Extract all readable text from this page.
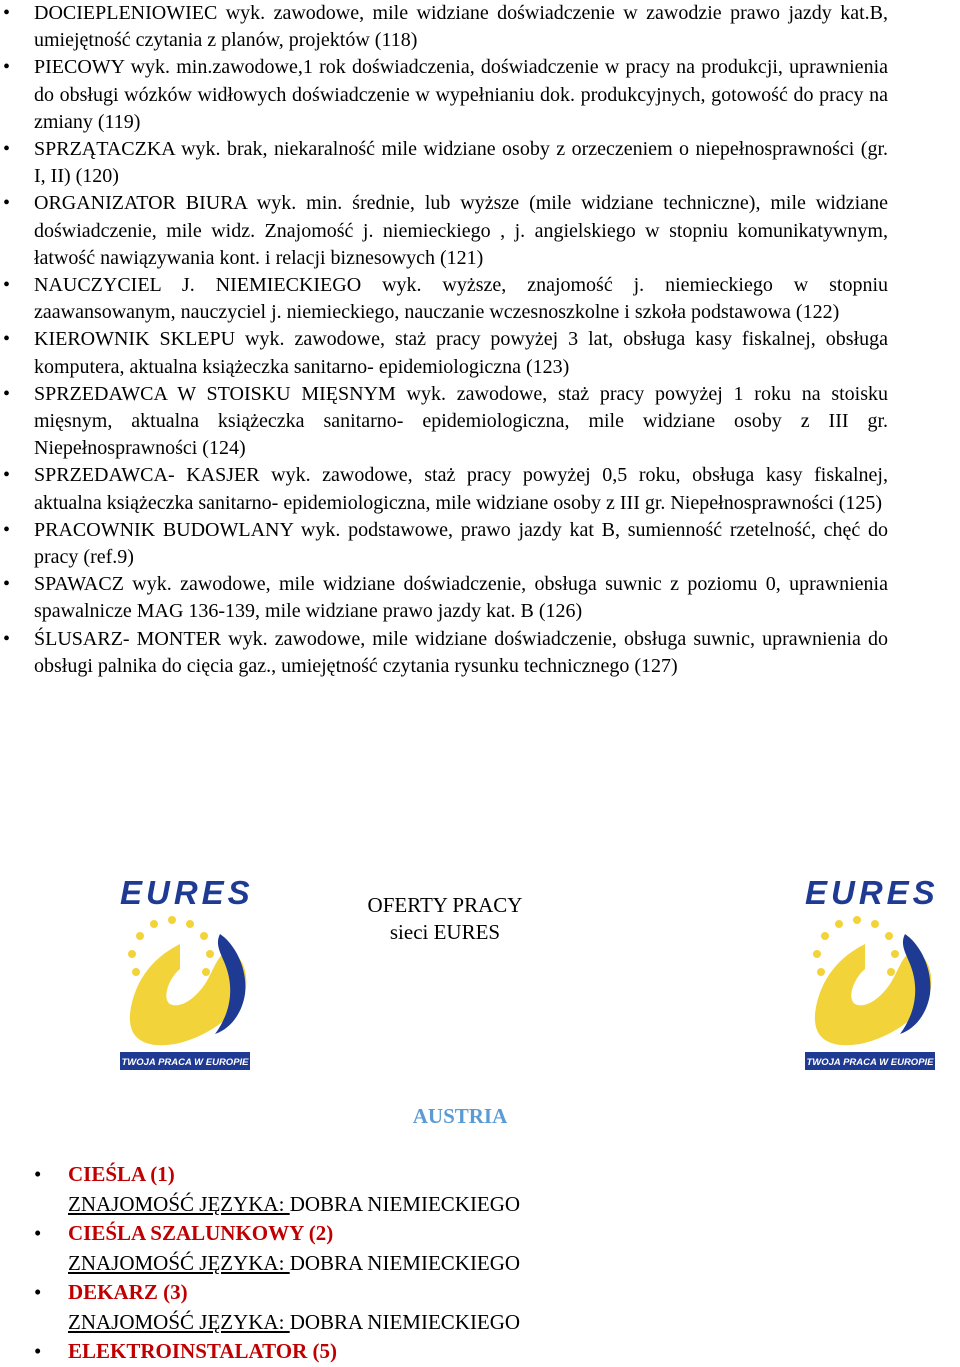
• DOCIEPLENIOWIEC wyk. zawodowe, mile widziane doświadczenie w zawodzie prawo jazdy kat.B, umiejętność czytania z planów, projektów (118)
• PIECOWY wyk. min.zawodowe,1 rok doświadczenia, doświadczenie w pracy na produkcji, uprawnienia do obsługi wózków widłowych doświadczenie w wypełnianiu dok. produkcyjnych, gotowość do pracy na zmiany (119)
• SPRZĄTACZKA wyk. brak, niekaralność mile widziane osoby z orzeczeniem o niepełnosprawności (gr. I, II) (120)
• ORGANIZATOR BIURA wyk. min. średnie, lub wyższe (mile widziane techniczne), mile widziane doświadczenie, mile widz. Znajomość j. niemieckiego , j. angielskiego w stopniu komunikatywnym, łatwość nawiązywania kont. i relacji biznesowych (121)
• NAUCZYCIEL J. NIEMIECKIEGO wyk. wyższe, znajomość j. niemieckiego w stopniu zaawansowanym, nauczyciel j. niemieckiego, nauczanie wczesnoszkolne i szkoła podstawowa (122)
• KIEROWNIK SKLEPU wyk. zawodowe, staż pracy powyżej 3 lat, obsługa kasy fiskalnej, obsługa komputera, aktualna książeczka sanitarno- epidemiologiczna (123)
• SPRZEDAWCA W STOISKU MIĘSNYM wyk. zawodowe, staż pracy powyżej 1 roku na stoisku mięsnym, aktualna książeczka sanitarno- epidemiologiczna, mile widziane osoby z III gr. Niepełnosprawności (124)
• SPRZEDAWCA- KASJER wyk. zawodowe, staż pracy powyżej 0,5 roku, obsługa kasy fiskalnej, aktualna książeczka sanitarno- epidemiologiczna, mile widziane osoby z III gr. Niepełnosprawności (125)
• PRACOWNIK BUDOWLANY wyk. podstawowe, prawo jazdy kat B, sumienność rzetelność, chęć do pracy (ref.9)
• SPAWACZ wyk. zawodowe, mile widziane doświadczenie, obsługa suwnic z poziomu 0, uprawnienia spawalnicze MAG 136-139, mile widziane prawo jazdy kat. B (126)
• ŚLUSARZ- MONTER wyk. zawodowe, mile widziane doświadczenie, obsługa suwnic, uprawnienia do obsługi palnika do cięcia gaz., umiejętność czytania rysunku technicznego (127)
EURES
TWOJA PRACA W EUROPIE
OFERTY PRACY
sieci EURES
EURES
TWOJA PRACA W EUROPIE
AUSTRIA
• CIEŚLA (1)
ZNAJOMOŚĆ JĘZYKA: DOBRA NIEMIECKIEGO
• CIEŚLA SZALUNKOWY (2)
ZNAJOMOŚĆ JĘZYKA: DOBRA NIEMIECKIEGO
• DEKARZ (3)
ZNAJOMOŚĆ JĘZYKA: DOBRA NIEMIECKIEGO
• ELEKTROINSTALATOR (5)
